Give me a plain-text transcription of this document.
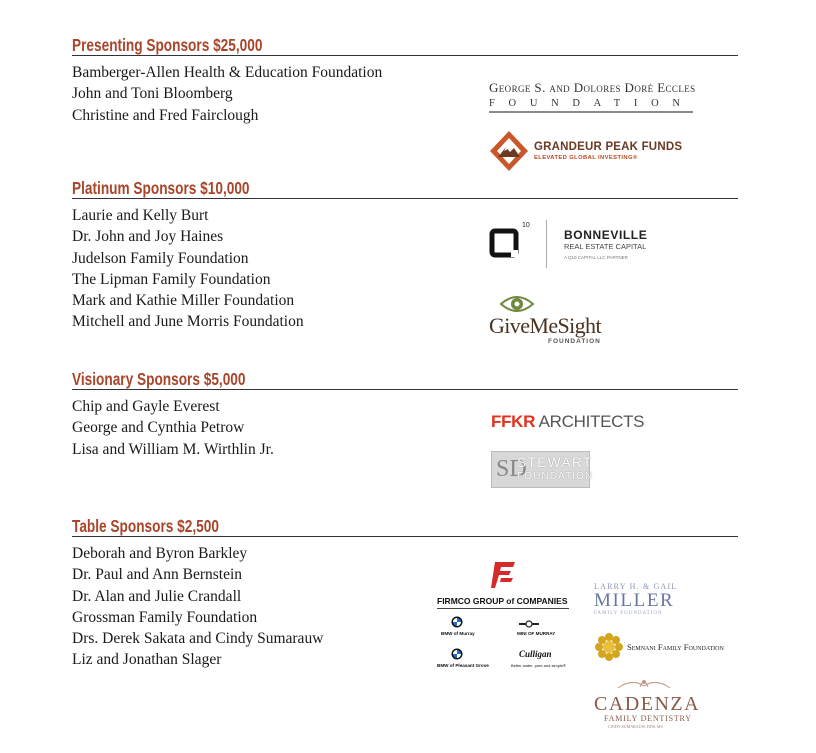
Presenting Sponsors $25,000
Bamberger-Allen Health & Education Foundation
John and Toni Bloomberg
Christine and Fred Fairclough
Platinum Sponsors $10,000
Laurie and Kelly Burt
Dr. John and Joy Haines
Judelson Family Foundation
The Lipman Family Foundation
Mark and Kathie Miller Foundation
Mitchell and June Morris Foundation
Visionary Sponsors $5,000
Chip and Gayle Everest
George and Cynthia Petrow
Lisa and William M. Wirthlin Jr.
Table Sponsors $2,500
Deborah and Byron Barkley
Dr. Paul and Ann Bernstein
Dr. Alan and Julie Crandall
Grossman Family Foundation
Drs. Derek Sakata and Cindy Sumarauw
Liz and Jonathan Slager
George S. and Dolores Doré Eccles
FOUNDATION
GRANDEUR PEAK FUNDS
ELEVATED GLOBAL INVESTING®
10
BONNEVILLE
REAL ESTATE CAPITAL
A Q10 CAPITAL LLC PARTNER
GiveMeSight
FOUNDATION
FFKR ARCHITECTS
SD
STEWART
FOUNDATION
FIRMCO GROUP of COMPANIES
BMW of Murray	MINI OF MURRAY
BMW of Pleasant Grove
Culligan
Better water. pure and simple®
LARRY H. & GAIL
MILLER
FAMILY FOUNDATION
Semnani Family Foundation
CADENZA
FAMILY DENTISTRY
CINDY SUMARAUW, DDS, MS
